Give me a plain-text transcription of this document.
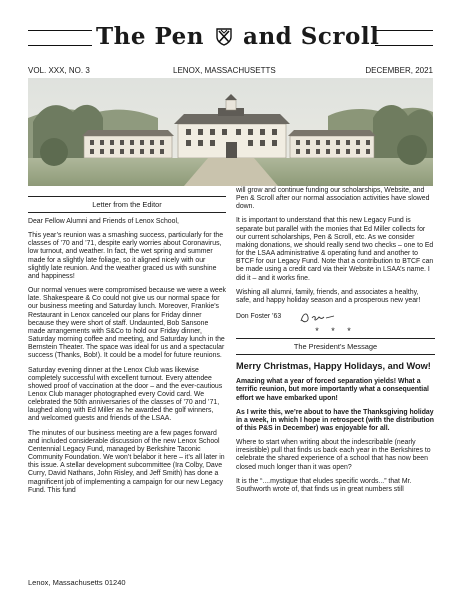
The Pen and Scroll
VOL. XXX, NO. 3	LENOX, MASSACHUSETTS	DECEMBER, 2021
Letter from the Editor

Dear Fellow Alumni and Friends of Lenox School,

This year’s reunion was a smashing success, particularly for the classes of ’70 and ’71, despite early worries about Coronavirus, low turnout, and weather. In fact, the wet spring and summer made for a slightly late foliage, so it aligned nicely with our slightly late reunion. And the weather graced us with sunshine and happiness!

Our normal venues were compromised because we were a week late. Shakespeare & Co could not give us our normal space for our business meeting and Saturday lunch. Moreover, Frankie’s Restaurant in Lenox canceled our plans for Friday dinner because they were short of staff. Undaunted, Bob Sansone made arrangements with S&Co to hold our Friday dinner, Saturday morning coffee and meeting, and Saturday lunch in the Bernstein Theater. The space was ideal for us and a spectacular success (Thanks, Bob!). It could be a model for future reunions.

Saturday evening dinner at the Lenox Club was likewise completely successful with excellent turnout. Every attendee showed proof of vaccination at the door – and the ever-cautious Lenox Club manager photographed every Covid card. We celebrated the 50th anniversaries of the classes of ’70 and ’71, laughed along with Ed Miller as he awarded the golf winners, and welcomed guests and friends of the LSAA.

The minutes of our business meeting are a few pages forward and included considerable discussion of the new Lenox School Centennial Legacy Fund, managed by Berkshire Taconic Community Foundation. We won’t belabor it here – it’s all later in this issue. A stellar development subcommittee (Ira Colby, Dave Curry, David Nathans, John Risley, and Jeff Smith) has done a magnificent job of implementing a campaign for our new Legacy Fund. This fund

will grow and continue funding our scholarships, Website, and Pen & Scroll after our normal association activities have slowed down.

It is important to understand that this new Legacy Fund is separate but parallel with the monies that Ed Miller collects for our current scholarships, Pen & Scroll, etc. As we consider making donations, we should really send two checks – one to Ed for the LSAA administrative & operating fund and another to BTCF for our Legacy Fund. Note that a contribution to BTCF can be made using a credit card via their Website in LSAA’s name. I did it – and it works fine.

Wishing all alumni, family, friends, and associates a healthy, safe, and happy holiday season and a prosperous new year!

Don Foster ’63
* * *
The President’s Message
Merry Christmas, Happy Holidays, and Wow!

Amazing what a year of forced separation yields! What a terrific reunion, but more importantly what a consequential effort we have embarked upon!

As I write this, we’re about to have the Thanksgiving holiday in a week, in which I hope in retrospect (with the distribution of this P&S in December) was enjoyable for all.

Where to start when writing about the indescribable (nearly irresistible) pull that finds us back each year in the Berkshires to celebrate the shared experience of a school that has now been closed much longer than it was open?

It is the “....mystique that eludes specific words...” that Mr. Southworth wrote of, that finds us in great numbers still

Lenox, Massachusetts 01240
